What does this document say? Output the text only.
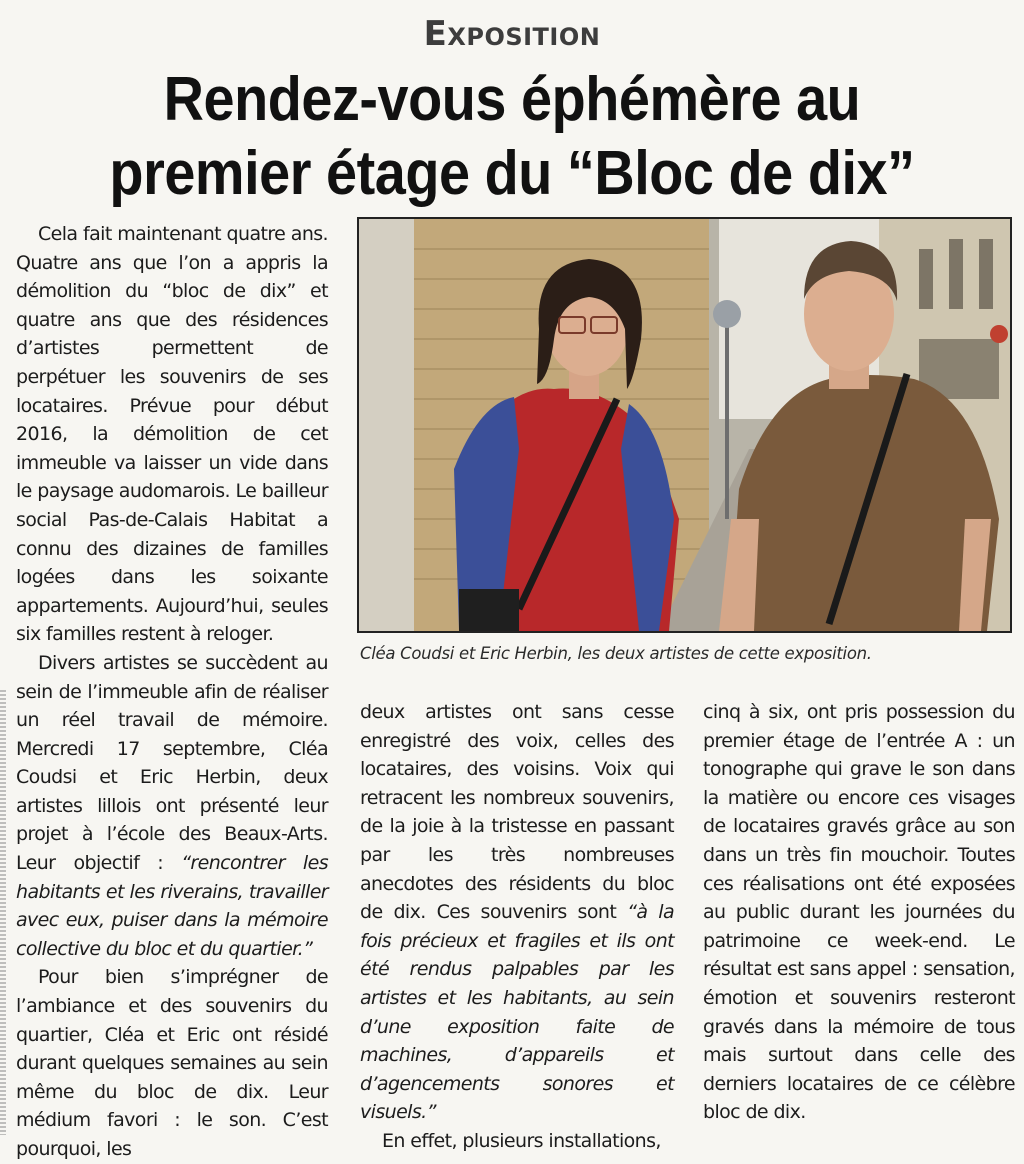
Exposition
Rendez-vous éphémère au
premier étage du “Bloc de dix”

Cela fait maintenant quatre ans. Quatre ans que l’on a appris la démolition du “bloc de dix” et quatre ans que des résidences d’artistes permettent de perpétuer les souvenirs de ses locataires. Prévue pour début 2016, la démolition de cet immeuble va laisser un vide dans le paysage audomarois. Le bailleur social Pas-de-Calais Habitat a connu des dizaines de familles logées dans les soixante appartements. Aujourd’hui, seules six familles restent à reloger.

Divers artistes se succèdent au sein de l’immeuble afin de réaliser un réel travail de mémoire. Mercredi 17 septembre, Cléa Coudsi et Eric Herbin, deux artistes lillois ont présenté leur projet à l’école des Beaux-Arts. Leur objectif : “rencontrer les habitants et les riverains, travailler avec eux, puiser dans la mémoire collective du bloc et du quartier.”

Pour bien s’imprégner de l’ambiance et des souvenirs du quartier, Cléa et Eric ont résidé durant quelques semaines au sein même du bloc de dix. Leur médium favori : le son. C’est pourquoi, les

Cléa Coudsi et Eric Herbin, les deux artistes de cette exposition.

deux artistes ont sans cesse enregistré des voix, celles des locataires, des voisins. Voix qui retracent les nombreux souvenirs, de la joie à la tristesse en passant par les très nombreuses anecdotes des résidents du bloc de dix. Ces souvenirs sont “à la fois précieux et fragiles et ils ont été rendus palpables par les artistes et les habitants, au sein d’une exposition faite de machines, d’appareils et d’agencements sonores et visuels.”

En effet, plusieurs installations,

cinq à six, ont pris possession du premier étage de l’entrée A : un tonographe qui grave le son dans la matière ou encore ces visages de locataires gravés grâce au son dans un très fin mouchoir. Toutes ces réalisations ont été exposées au public durant les journées du patrimoine ce week-end. Le résultat est sans appel : sensation, émotion et souvenirs resteront gravés dans la mémoire de tous mais surtout dans celle des derniers locataires de ce célèbre bloc de dix.
